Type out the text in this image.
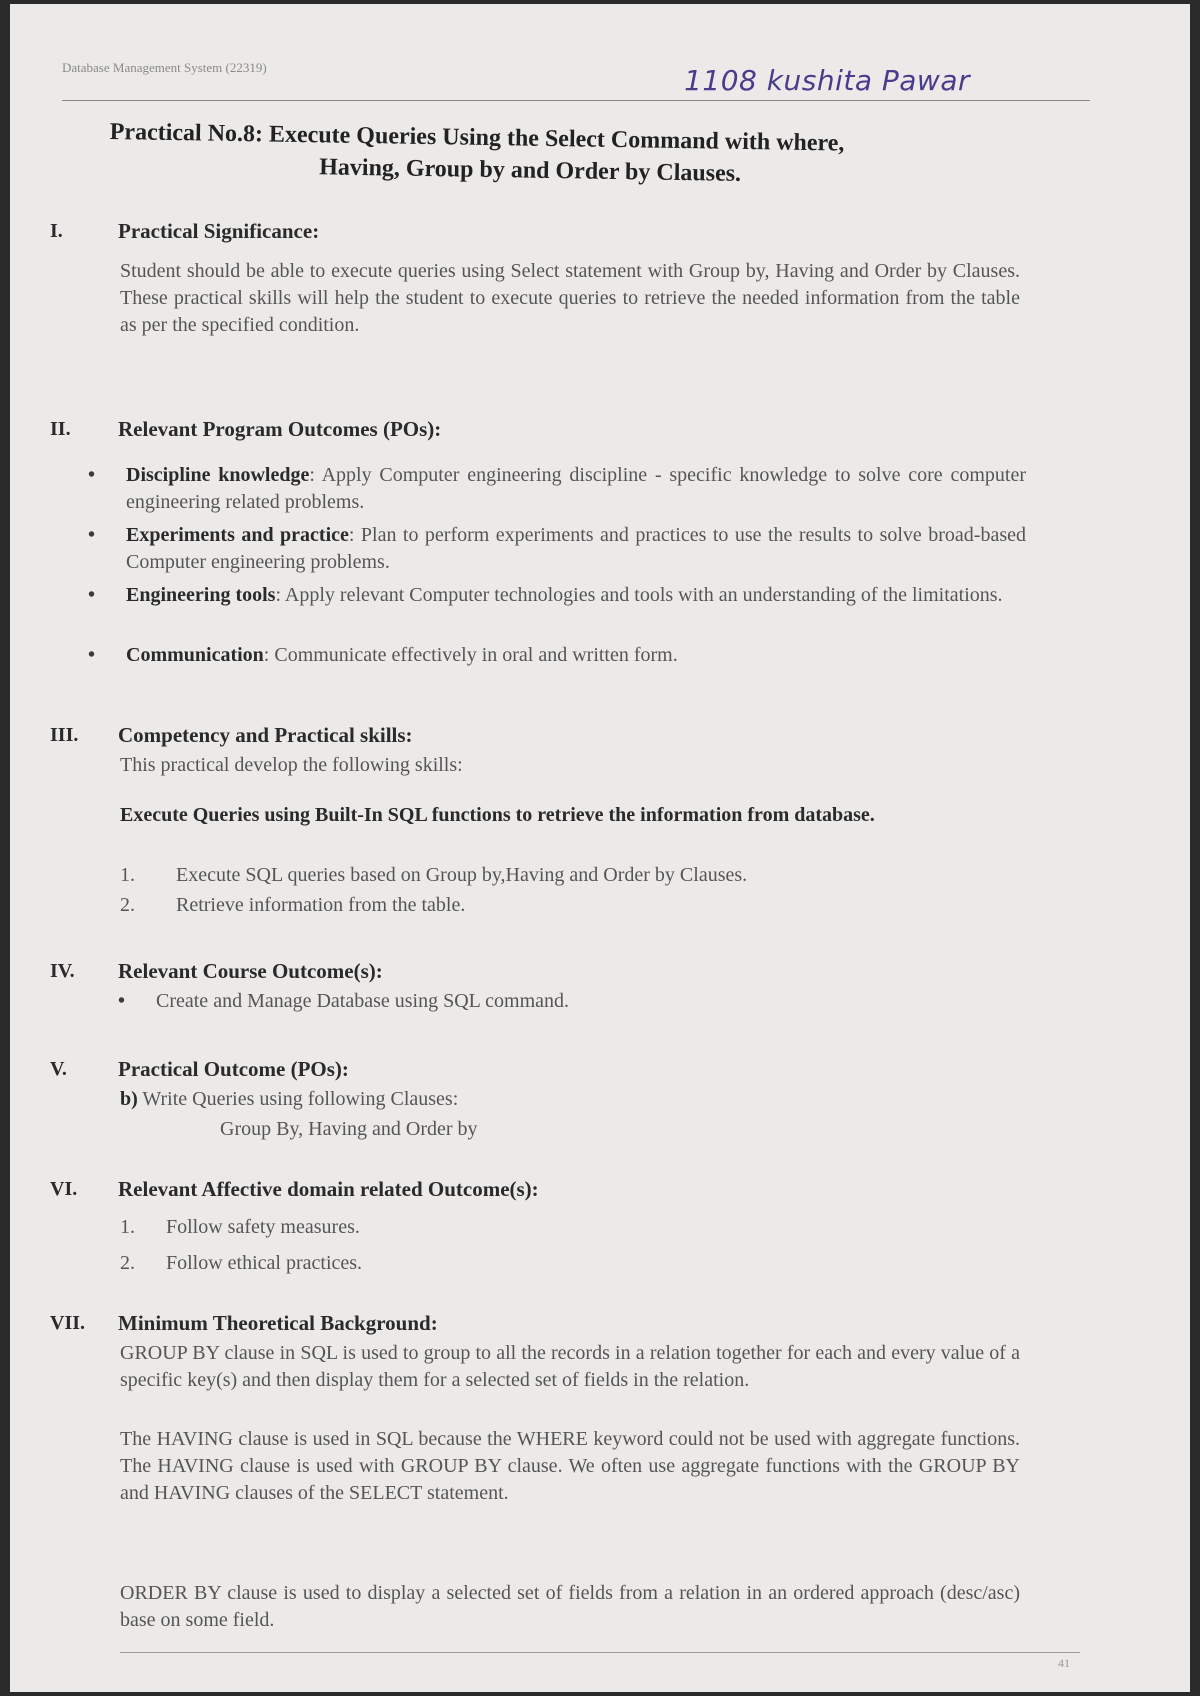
Database Management System (22319)	1108 kushita Pawar
Practical No.8: Execute Queries Using the Select Command with where,
Having, Group by and Order by Clauses.
I.	Practical Significance:
Student should be able to execute queries using Select statement with Group by, Having and Order by Clauses. These practical skills will help the student to execute queries to retrieve the needed information from the table as per the specified condition.
II. Relevant Program Outcomes (POs):
• Discipline knowledge: Apply Computer engineering discipline - specific knowledge to solve core computer engineering related problems.
• Experiments and practice: Plan to perform experiments and practices to use the results to solve broad-based Computer engineering problems.
• Engineering tools: Apply relevant Computer technologies and tools with an understanding of the limitations.
• Communication: Communicate effectively in oral and written form.
III. Competency and Practical skills:
This practical develop the following skills:
Execute Queries using Built-In SQL functions to retrieve the information from database.
1. Execute SQL queries based on Group by,Having and Order by Clauses.
2. Retrieve information from the table.
IV. Relevant Course Outcome(s):
• Create and Manage Database using SQL command.
V. Practical Outcome (POs):
b) Write Queries using following Clauses:
Group By, Having and Order by
VI. Relevant Affective domain related Outcome(s):
1. Follow safety measures.
2. Follow ethical practices.
VII. Minimum Theoretical Background:
GROUP BY clause in SQL is used to group to all the records in a relation together for each and every value of a specific key(s) and then display them for a selected set of fields in the relation.
The HAVING clause is used in SQL because the WHERE keyword could not be used with aggregate functions. The HAVING clause is used with GROUP BY clause. We often use aggregate functions with the GROUP BY and HAVING clauses of the SELECT statement.
ORDER BY clause is used to display a selected set of fields from a relation in an ordered approach (desc/asc) base on some field.
41
